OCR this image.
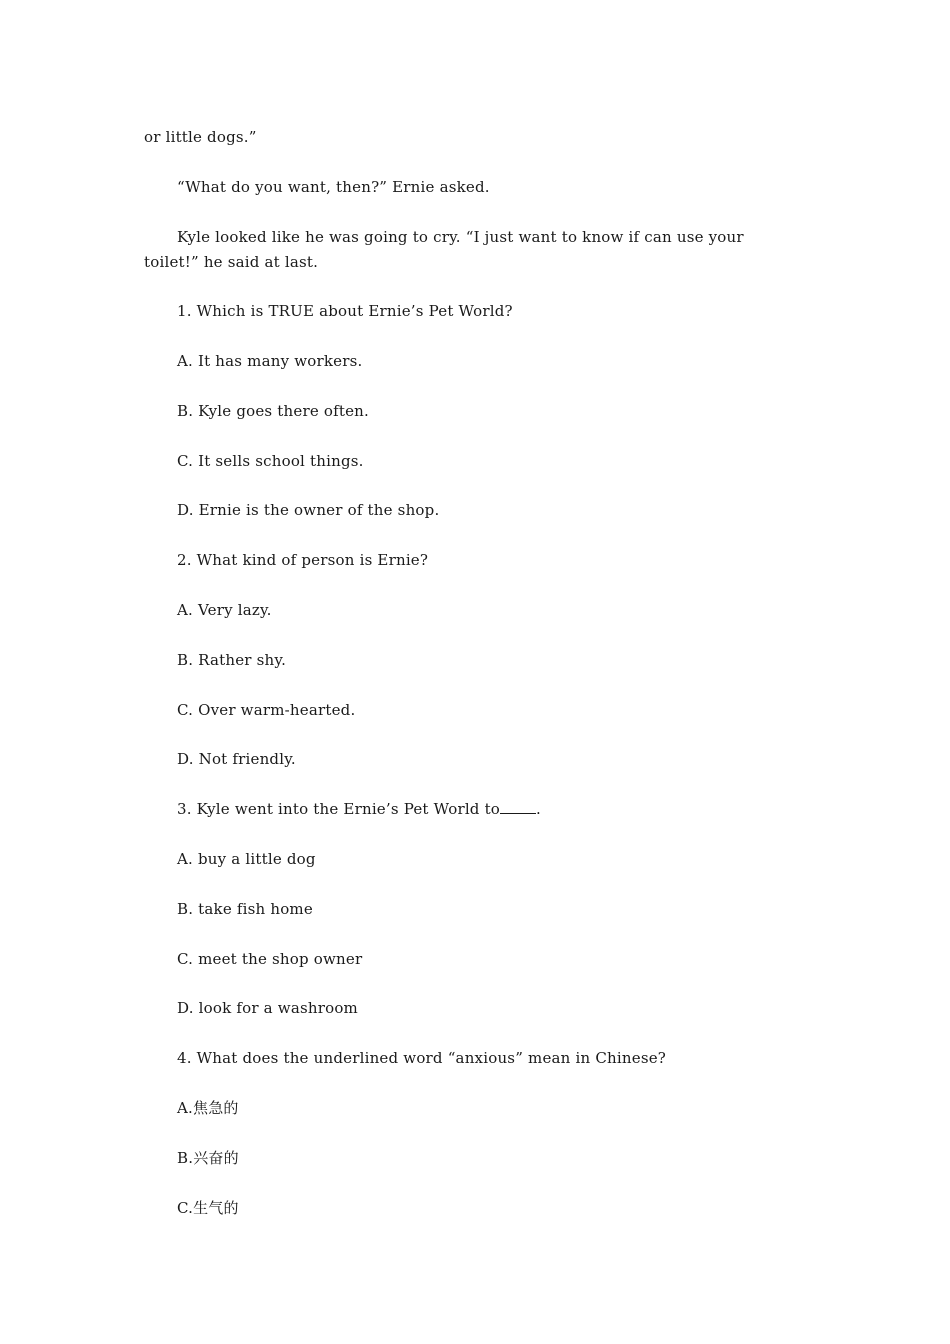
or little dogs.”
“What do you want, then?” Ernie asked.
Kyle looked like he was going to cry. “I just want to know if can use your
toilet!” he said at last.
1. Which is TRUE about Ernie’s Pet World?
A. It has many workers.
B. Kyle goes there often.
C. It sells school things.
D. Ernie is the owner of the shop.
2. What kind of person is Ernie?
A. Very lazy.
B. Rather shy.
C. Over warm-hearted.
D. Not friendly.
3. Kyle went into the Ernie’s Pet World to .
A. buy a little dog
B. take fish home
C. meet the shop owner
D. look for a washroom
4. What does the underlined word “anxious” mean in Chinese?
A.焦急的
B.兴奋的
C.生气的
